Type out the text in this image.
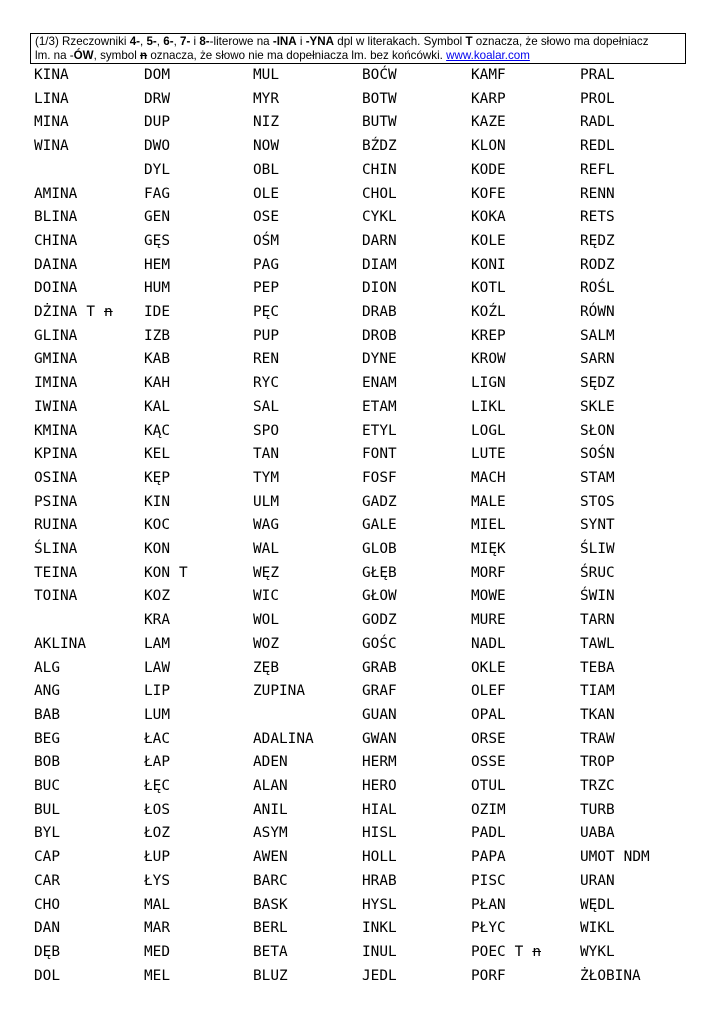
(1/3) Rzeczowniki 4-, 5-, 6-, 7- i 8--literowe na -INA i -YNA dpl w literakach. Symbol T oznacza, że słowo ma dopełniacz
lm. na -ÓW, symbol n oznacza, że słowo nie ma dopełniacza lm. bez końcówki. www.koalar.com
KINA
LINA
MINA
WINA
AMINA
BLINA
CHINA
DAINA
DOINA
DŻINA T n
GLINA
GMINA
IMINA
IWINA
KMINA
KPINA
OSINA
PSINA
RUINA
ŚLINA
TEINA
TOINA
AKLINA
ALG
ANG
BAB
BEG
BOB
BUC
BUL
BYL
CAP
CAR
CHO
DAN
DĘB
DOL
DOM
DRW
DUP
DWO
DYL
FAG
GEN
GĘS
HEM
HUM
IDE
IZB
KAB
KAH
KAL
KĄC
KEL
KĘP
KIN
KOC
KON
KON T
KOZ
KRA
LAM
LAW
LIP
LUM
ŁAC
ŁAP
ŁĘC
ŁOS
ŁOZ
ŁUP
ŁYS
MAL
MAR
MED
MEL
MUL
MYR
NIZ
NOW
OBL
OLE
OSE
OŚM
PAG
PEP
PĘC
PUP
REN
RYC
SAL
SPO
TAN
TYM
ULM
WAG
WAL
WĘZ
WIC
WOL
WOZ
ZĘB
ZUPINA
ADALINA
ADEN
ALAN
ANIL
ASYM
AWEN
BARC
BASK
BERL
BETA
BLUZ
BOĆW
BOTW
BUTW
BŹDZ
CHIN
CHOL
CYKL
DARN
DIAM
DION
DRAB
DROB
DYNE
ENAM
ETAM
ETYL
FONT
FOSF
GADZ
GALE
GLOB
GŁĘB
GŁOW
GODZ
GOŚC
GRAB
GRAF
GUAN
GWAN
HERM
HERO
HIAL
HISL
HOLL
HRAB
HYSL
INKL
INUL
JEDL
KAMF
KARP
KAZE
KLON
KODE
KOFE
KOKA
KOLE
KONI
KOTL
KOŹL
KREP
KROW
LIGN
LIKL
LOGL
LUTE
MACH
MALE
MIEL
MIĘK
MORF
MOWE
MURE
NADL
OKLE
OLEF
OPAL
ORSE
OSSE
OTUL
OZIM
PADL
PAPA
PISC
PŁAN
PŁYC
POEC T n
PORF
PRAL
PROL
RADL
REDL
REFL
RENN
RETS
RĘDZ
RODZ
ROŚL
RÓWN
SALM
SARN
SĘDZ
SKLE
SŁON
SOŚN
STAM
STOS
SYNT
ŚLIW
ŚRUC
ŚWIN
TARN
TAWL
TEBA
TIAM
TKAN
TRAW
TROP
TRZC
TURB
UABA
UMOT NDM
URAN
WĘDL
WIKL
WYKL
ŻŁOBINA
